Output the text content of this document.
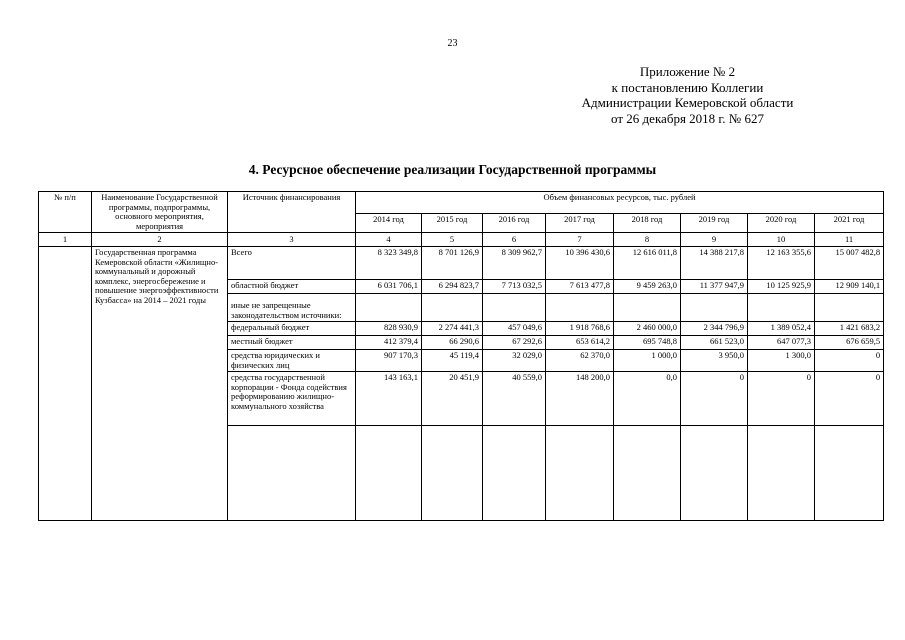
23
Приложение № 2
к постановлению Коллегии
Администрации Кемеровской области
от 26 декабря 2018 г. № 627
4. Ресурсное обеспечение реализации Государственной программы
№ п/п	Наименование Государственной программы, подпрограммы, основного мероприятия, мероприятия	Источник финансирования	Объем финансовых ресурсов, тыс. рублей							
			2014 год	2015 год	2016 год	2017 год	2018 год	2019 год	2020 год	2021 год
1	2	3	4	5	6	7	8	9	10	11
	Государственная программа Кемеровской области «Жилищно-коммунальный и дорожный комплекс, энергосбережение и повышение энергоэффективности Кузбасса» на 2014 – 2021 годы	Всего	8 323 349,8	8 701 126,9	8 309 962,7	10 396 430,6	12 616 011,8	14 388 217,8	12 163 355,6	15 007 482,8
		областной бюджет	6 031 706,1	6 294 823,7	7 713 032,5	7 613 477,8	9 459 263,0	11 377 947,9	10 125 925,9	12 909 140,1
		иные не запрещенные законодательством источники:								
		федеральный бюджет	828 930,9	2 274 441,3	457 049,6	1 918 768,6	2 460 000,0	2 344 796,9	1 389 052,4	1 421 683,2
		местный бюджет	412 379,4	66 290,6	67 292,6	653 614,2	695 748,8	661 523,0	647 077,3	676 659,5
		средства юридических и физических лиц	907 170,3	45 119,4	32 029,0	62 370,0	1 000,0	3 950,0	1 300,0	0
		средства государственной корпорации - Фонда содействия реформированию жилищно-коммунального хозяйства	143 163,1	20 451,9	40 559,0	148 200,0	0,0	0	0	0
